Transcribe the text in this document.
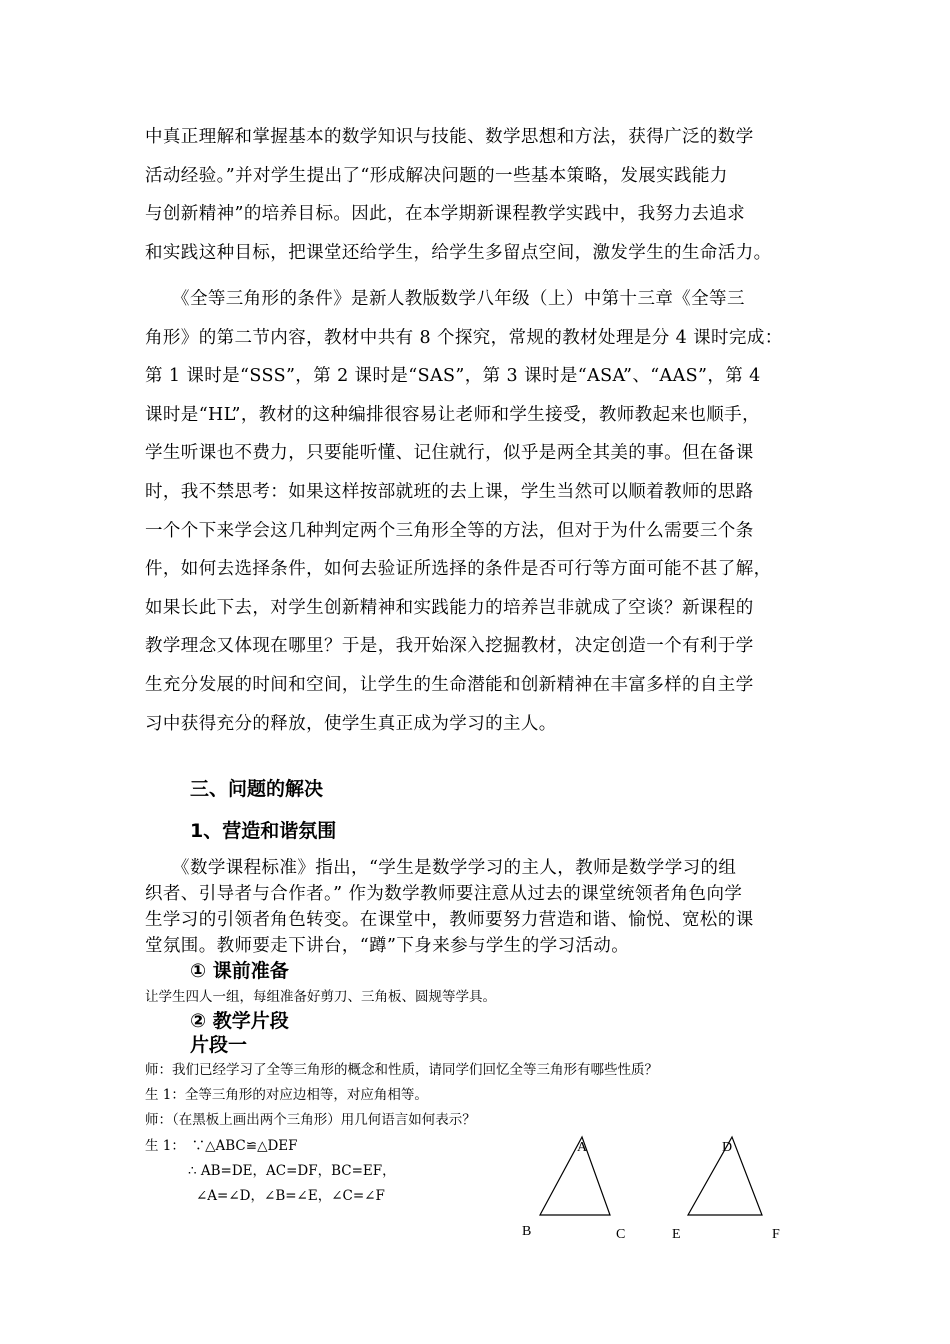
中真正理解和掌握基本的数学知识与技能、数学思想和方法，获得广泛的数学
活动经验。”并对学生提出了“形成解决问题的一些基本策略，发展实践能力
与创新精神”的培养目标。因此，在本学期新课程教学实践中，我努力去追求
和实践这种目标，把课堂还给学生，给学生多留点空间，激发学生的生命活力。
　　《全等三角形的条件》是新人教版数学八年级（上）中第十三章《全等三
角形》的第二节内容，教材中共有 8 个探究，常规的教材处理是分 4 课时完成：
第 1 课时是“SSS”，第 2 课时是“SAS”，第 3 课时是“ASA”、“AAS”，第 4
课时是“HL”，教材的这种编排很容易让老师和学生接受，教师教起来也顺手，
学生听课也不费力，只要能听懂、记住就行，似乎是两全其美的事。但在备课
时，我不禁思考：如果这样按部就班的去上课，学生当然可以顺着教师的思路
一个个下来学会这几种判定两个三角形全等的方法，但对于为什么需要三个条
件，如何去选择条件，如何去验证所选择的条件是否可行等方面可能不甚了解，
如果长此下去，对学生创新精神和实践能力的培养岂非就成了空谈？新课程的
教学理念又体现在哪里？于是，我开始深入挖掘教材，决定创造一个有利于学
生充分发展的时间和空间，让学生的生命潜能和创新精神在丰富多样的自主学
习中获得充分的释放，使学生真正成为学习的主人。
三、问题的解决
1、营造和谐氛围
　　《数学课程标准》指出，“学生是数学学习的主人，教师是数学学习的组
织者、引导者与合作者。” 作为数学教师要注意从过去的课堂统领者角色向学
生学习的引领者角色转变。在课堂中，教师要努力营造和谐、愉悦、宽松的课
堂氛围。教师要走下讲台，“蹲”下身来参与学生的学习活动。
① 课前准备
让学生四人一组，每组准备好剪刀、三角板、圆规等学具。
② 教学片段
片段一
师：我们已经学习了全等三角形的概念和性质，请同学们回忆全等三角形有哪些性质？
生 1：全等三角形的对应边相等，对应角相等。
师：（在黑板上画出两个三角形）用几何语言如何表示？
生 1：　∵△ABC≌△DEF
∴ AB=DE，AC=DF，BC=EF，
∠A=∠D，∠B=∠E，∠C=∠F
A
B	C
D
E	F
